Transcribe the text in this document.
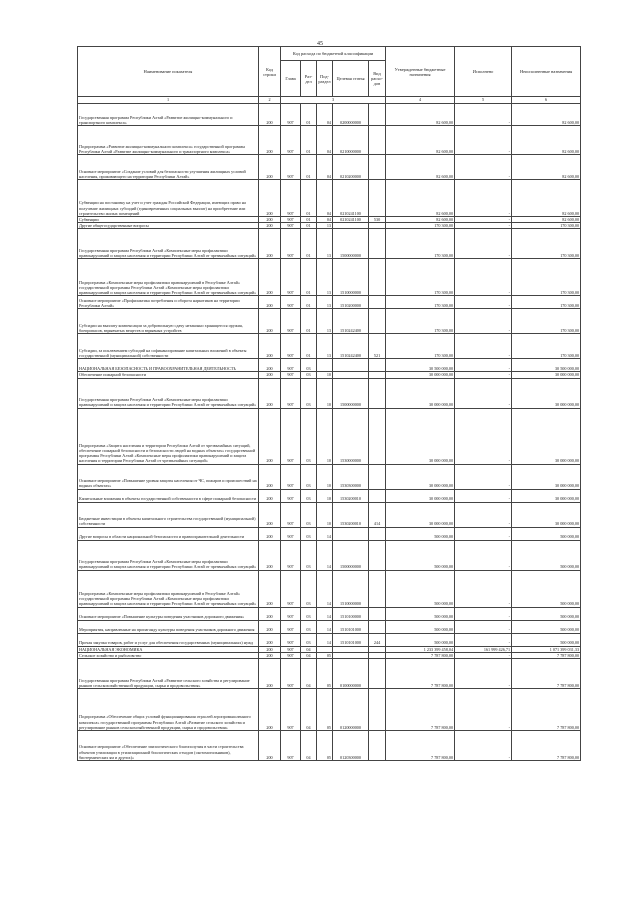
45
Наименование показателя	Код строки	Код расхода по бюджетной классификации					Утвержденные бюджетные назначения	Исполнено	Неисполненные назначения
		Глава	Раз-дел	Под-раздел	Целевая статья	Вид расхо-дов			
1	2	3					4	5	6
Государственная программа Республики Алтай «Развитие жилищно-коммунального и транспортного комплекса»	200	907	01	04	0200000000		82 600,00	-	82 600,00
Подпрограмма «Развитие жилищно-коммунального комплекса» государственной программы Республики Алтай «Развитие жилищно-коммунального и транспортного комплекса»	200	907	01	04	0210000000		82 600,00	-	82 600,00
Основное мероприятие «Создание условий для безопасности улучшения жилищных условий населения, проживающего на территории Республики Алтай»	200	907	01	04	0210200000		82 600,00	-	82 600,00
Субвенции на постановку на учет и учет граждан Российской Федерации, имеющих право на получение жилищных субсидий (единовременных социальных выплат) на приобретение или строительство жилых помещений	200	907	01	04	0210241100		82 600,00	-	82 600,00
Субвенции	200	907	01	04	0210241100	530	82 600,00	-	82 600,00
Другие общегосударственные вопросы	200	907	01	13			170 300,00	-	170 300,00
Государственная программа Республики Алтай «Комплексные меры профилактики правонарушений и защита населения и территории Республики Алтай от чрезвычайных ситуаций»	200	907	01	13	1500000000		170 300,00	-	170 300,00
Подпрограмма «Комплексные меры профилактики правонарушений в Республике Алтай» государственной программы Республики Алтай «Комплексные меры профилактики правонарушений и защита населения и территории Республики Алтай от чрезвычайных ситуаций»	200	907	01	13	1510000000		170 300,00	-	170 300,00
Основное мероприятие «Профилактика потребления и оборота наркотиков на территории Республики Алтай»	200	907	01	13	1510200000		170 300,00	-	170 300,00
Субсидии на выплату компенсации за добровольную сдачу незаконно хранящегося оружия, боеприпасов, взрывчатых веществ и взрывных устройств	200	907	01	13	1510242400		170 300,00	-	170 300,00
Субсидии, за исключением субсидий на софинансирование капитальных вложений в объекты государственной (муниципальной) собственности	200	907	01	13	1510242400	521	170 300,00	-	170 300,00
НАЦИОНАЛЬНАЯ БЕЗОПАСНОСТЬ И ПРАВООХРАНИТЕЛЬНАЯ ДЕЯТЕЛЬНОСТЬ	200	907	03				30 500 000,00	-	30 500 000,00
Обеспечение пожарной безопасности	200	907	03	10			30 000 000,00	-	30 000 000,00
Государственная программа Республики Алтай «Комплексные меры профилактики правонарушений и защита населения и территории Республики Алтай от чрезвычайных ситуаций»	200	907	03	10	1500000000		30 000 000,00	-	30 000 000,00
Подпрограмма «Защита населения и территории Республики Алтай от чрезвычайных ситуаций, обеспечение пожарной безопасности и безопасности людей на водных объектах» государственной программы Республики Алтай «Комплексные меры профилактики правонарушений и защита населения и территории Республики Алтай от чрезвычайных ситуаций»	200	907	03	10	1530000000		30 000 000,00	-	30 000 000,00
Основное мероприятие «Повышение уровня защиты населения от ЧС, пожаров и происшествий на водных объектах»	200	907	03	10	1530300000		30 000 000,00	-	30 000 000,00
Капитальные вложения в объекты государственной собственности в сфере пожарной безопасности	200	907	03	10	1530200010		30 000 000,00	-	30 000 000,00
Бюджетные инвестиции в объекты капитального строительства государственной (муниципальной) собственности	200	907	03	10	1530200010	414	30 000 000,00	-	30 000 000,00
Другие вопросы в области национальной безопасности и правоохранительной деятельности	200	907	03	14			500 000,00	-	500 000,00
Государственная программа Республики Алтай «Комплексные меры профилактики правонарушений и защита населения и территории Республики Алтай от чрезвычайных ситуаций»	200	907	03	14	1500000000		500 000,00	-	500 000,00
Подпрограмма «Комплексные меры профилактики правонарушений в Республике Алтай» государственной программы Республики Алтай «Комплексные меры профилактики правонарушений и защита населения и территории Республики Алтай от чрезвычайных ситуаций»	200	907	03	14	1510000000		500 000,00	-	500 000,00
Основное мероприятие «Повышение культуры поведения участников дорожного движения»	200	907	03	14	1510100000		500 000,00	-	500 000,00
Мероприятия, направленные на пропаганду культуры поведения участников дорожного движения	200	907	03	14	1510101000		500 000,00	-	500 000,00
Прочая закупка товаров, работ и услуг для обеспечения государственных (муниципальных) нужд	200	907	03	14	1510101000	244	500 000,00	-	500 000,00
НАЦИОНАЛЬНАЯ ЭКОНОМИКА	200	907	04				1 233 399 458,04	161 999 426,71	1 071 399 031,33
Сельское хозяйство и рыболовство	200	907	04	05			7 787 800,00	-	7 787 800,00
Государственная программа Республики Алтай «Развитие сельского хозяйства и регулирование рынков сельскохозяйственной продукции, сырья и продовольствия»	200	907	04	05	0100000000		7 787 800,00	-	7 787 800,00
Подпрограмма «Обеспечение общих условий функционирования отраслей агропромышленного комплекса» государственной программы Республики Алтай «Развитие сельского хозяйства и регулирование рынков сельскохозяйственной продукции, сырья и продовольствия»	200	907	04	05	0120000000		7 787 800,00	-	7 787 800,00
Основное мероприятие «Обеспечение эпизоотического благополучия в части строительства объектов утилизации в утилизационной биологических отходов (скотомогильников), биотермических ям и других)»	200	907	04	05	0120300000		7 787 800,00	-	7 787 800,00
